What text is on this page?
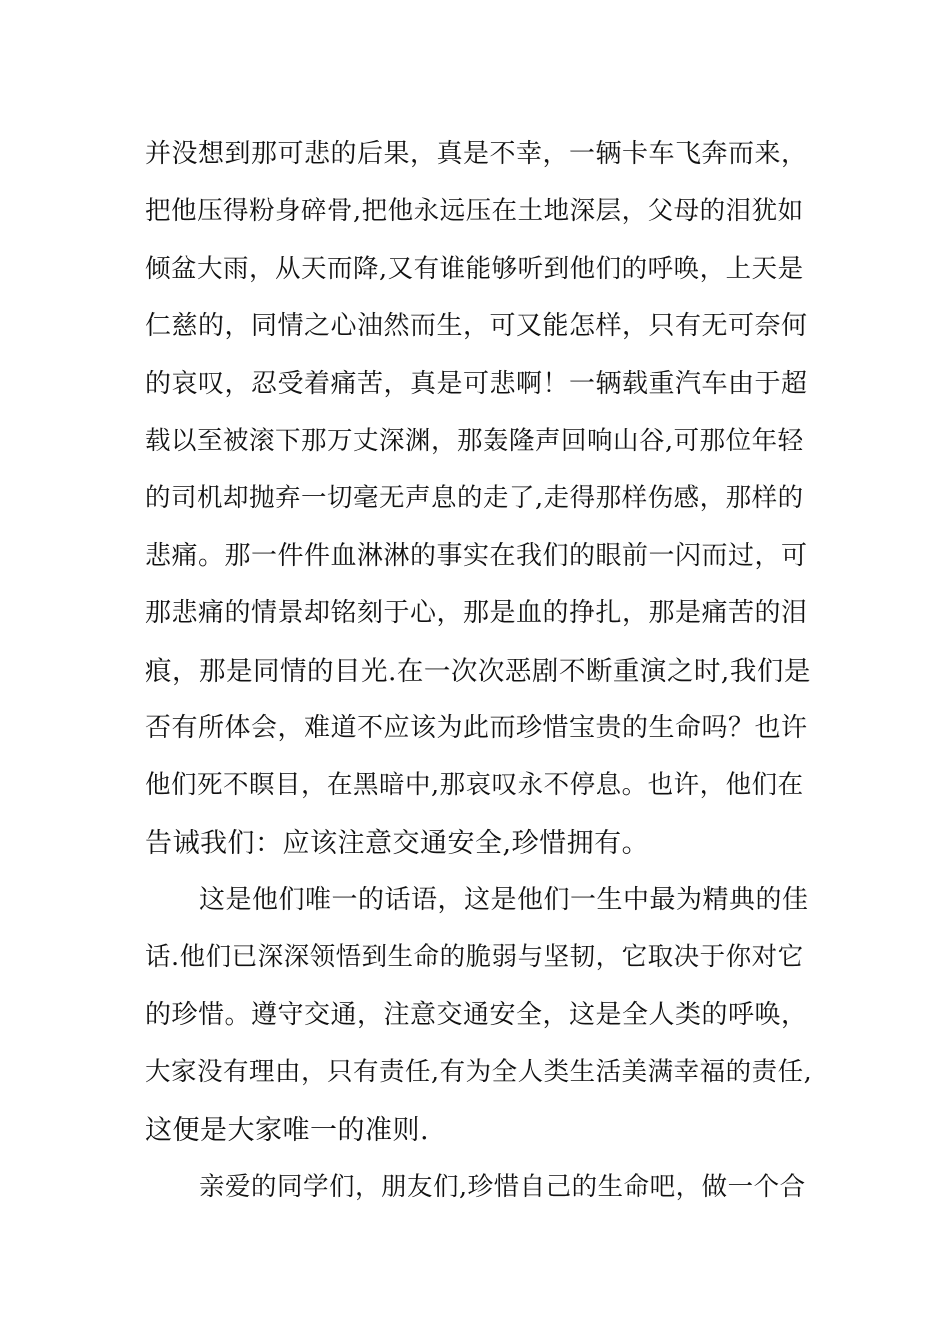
并没想到那可悲的后果，真是不幸，一辆卡车飞奔而来，
把他压得粉身碎骨,把他永远压在土地深层，父母的泪犹如
倾盆大雨，从天而降,又有谁能够听到他们的呼唤，上天是
仁慈的，同情之心油然而生，可又能怎样，只有无可奈何
的哀叹，忍受着痛苦，真是可悲啊！一辆载重汽车由于超
载以至被滚下那万丈深渊，那轰隆声回响山谷,可那位年轻
的司机却抛弃一切毫无声息的走了,走得那样伤感，那样的
悲痛。那一件件血淋淋的事实在我们的眼前一闪而过，可
那悲痛的情景却铭刻于心，那是血的挣扎，那是痛苦的泪
痕，那是同情的目光.在一次次恶剧不断重演之时,我们是
否有所体会，难道不应该为此而珍惜宝贵的生命吗？也许
他们死不瞑目，在黑暗中,那哀叹永不停息。也许，他们在
告诫我们：应该注意交通安全,珍惜拥有。
这是他们唯一的话语，这是他们一生中最为精典的佳
话.他们已深深领悟到生命的脆弱与坚韧，它取决于你对它
的珍惜。遵守交通，注意交通安全，这是全人类的呼唤，
大家没有理由，只有责任,有为全人类生活美满幸福的责任,
这便是大家唯一的准则.
亲爱的同学们，朋友们,珍惜自己的生命吧，做一个合
